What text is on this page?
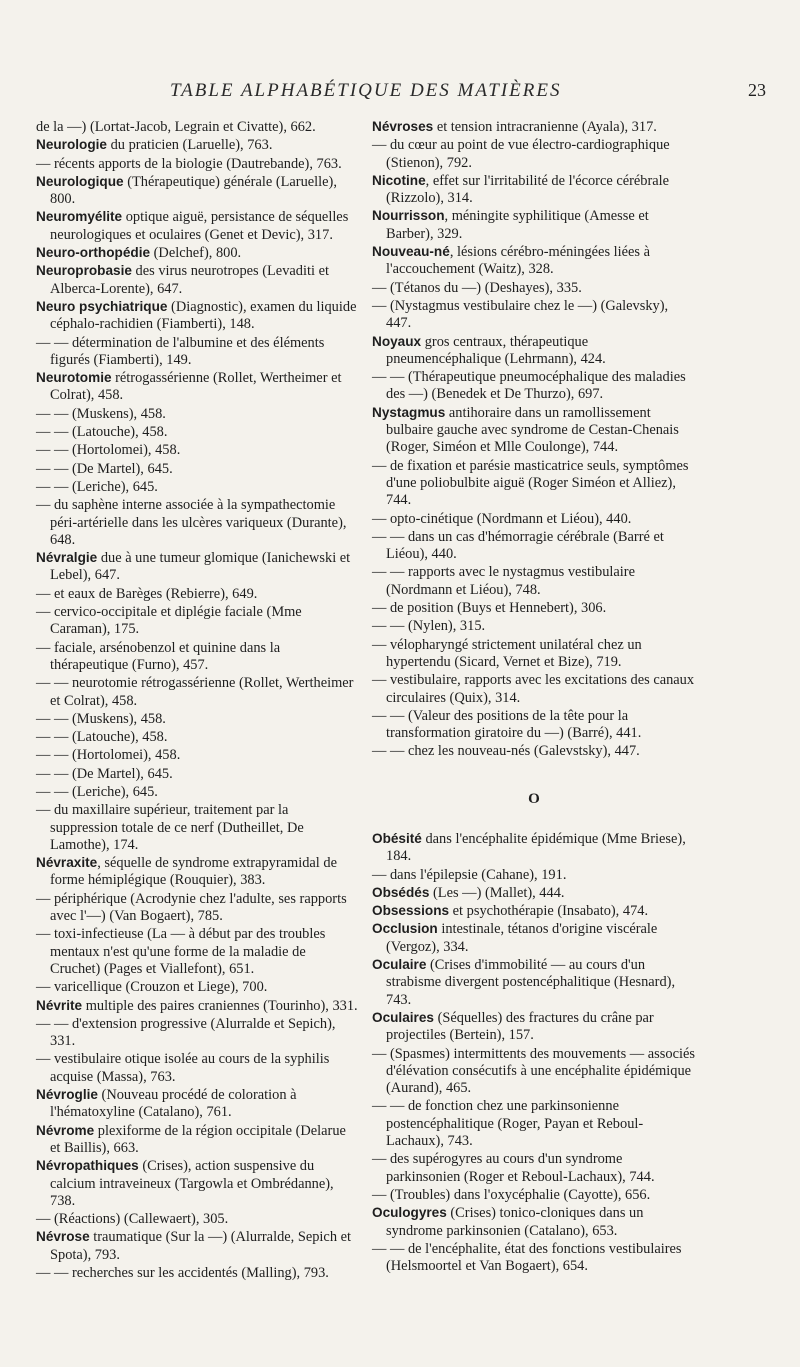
TABLE ALPHABÉTIQUE DES MATIÈRES	23

de la —) (Lortat-Jacob, Legrain et Civatte), 662.

Neurologie du praticien (Laruelle), 763.

— récents apports de la biologie (Dautrebande), 763.

Neurologique (Thérapeutique) générale (Laruelle), 800.

Neuromyélite optique aiguë, persistance de séquelles neurologiques et oculaires (Genet et Devic), 317.

Neuro-orthopédie (Delchef), 800.

Neuroprobasie des virus neurotropes (Levaditi et Alberca-Lorente), 647.

Neuro psychiatrique (Diagnostic), examen du liquide céphalo-rachidien (Fiamberti), 148.

— — détermination de l'albumine et des éléments figurés (Fiamberti), 149.

Neurotomie rétrogassérienne (Rollet, Wertheimer et Colrat), 458.

— — (Muskens), 458.

— — (Latouche), 458.

— — (Hortolomei), 458.

— — (De Martel), 645.

— — (Leriche), 645.

— du saphène interne associée à la sympathectomie péri-artérielle dans les ulcères variqueux (Durante), 648.

Névralgie due à une tumeur glomique (Ianichewski et Lebel), 647.

— et eaux de Barèges (Rebierre), 649.

— cervico-occipitale et diplégie faciale (Mme Caraman), 175.

— faciale, arsénobenzol et quinine dans la thérapeutique (Furno), 457.

— — neurotomie rétrogassérienne (Rollet, Wertheimer et Colrat), 458.

— — (Muskens), 458.

— — (Latouche), 458.

— — (Hortolomei), 458.

— — (De Martel), 645.

— — (Leriche), 645.

— du maxillaire supérieur, traitement par la suppression totale de ce nerf (Dutheillet, De Lamothe), 174.

Névraxite, séquelle de syndrome extrapyramidal de forme hémiplégique (Rouquier), 383.

— périphérique (Acrodynie chez l'adulte, ses rapports avec l'—) (Van Bogaert), 785.

— toxi-infectieuse (La — à début par des troubles mentaux n'est qu'une forme de la maladie de Cruchet) (Pages et Viallefont), 651.

— varicellique (Crouzon et Liege), 700.

Névrite multiple des paires craniennes (Tourinho), 331.

— — d'extension progressive (Alurralde et Sepich), 331.

— vestibulaire otique isolée au cours de la syphilis acquise (Massa), 763.

Névroglie (Nouveau procédé de coloration à l'hématoxyline (Catalano), 761.

Névrome plexiforme de la région occipitale (Delarue et Baillis), 663.

Névropathiques (Crises), action suspensive du calcium intraveineux (Targowla et Ombrédanne), 738.

— (Réactions) (Callewaert), 305.

Névrose traumatique (Sur la —) (Alurralde, Sepich et Spota), 793.

— — recherches sur les accidentés (Malling), 793.

Névroses et tension intracranienne (Ayala), 317.

— du cœur au point de vue électro-cardiographique (Stienon), 792.

Nicotine, effet sur l'irritabilité de l'écorce cérébrale (Rizzolo), 314.

Nourrisson, méningite syphilitique (Amesse et Barber), 329.

Nouveau-né, lésions cérébro-méningées liées à l'accouchement (Waitz), 328.

— (Tétanos du —) (Deshayes), 335.

— (Nystagmus vestibulaire chez le —) (Galevsky), 447.

Noyaux gros centraux, thérapeutique pneumencéphalique (Lehrmann), 424.

— — (Thérapeutique pneumocéphalique des maladies des —) (Benedek et De Thurzo), 697.

Nystagmus antihoraire dans un ramollissement bulbaire gauche avec syndrome de Cestan-Chenais (Roger, Siméon et Mlle Coulonge), 744.

— de fixation et parésie masticatrice seuls, symptômes d'une poliobulbite aiguë (Roger Siméon et Alliez), 744.

— opto-cinétique (Nordmann et Liéou), 440.

— — dans un cas d'hémorragie cérébrale (Barré et Liéou), 440.

— — rapports avec le nystagmus vestibulaire (Nordmann et Liéou), 748.

— de position (Buys et Hennebert), 306.

— — (Nylen), 315.

— vélopharyngé strictement unilatéral chez un hypertendu (Sicard, Vernet et Bize), 719.

— vestibulaire, rapports avec les excitations des canaux circulaires (Quix), 314.

— — (Valeur des positions de la tête pour la transformation giratoire du —) (Barré), 441.

— — chez les nouveau-nés (Galevstsky), 447.

O

Obésité dans l'encéphalite épidémique (Mme Briese), 184.

— dans l'épilepsie (Cahane), 191.

Obsédés (Les —) (Mallet), 444.

Obsessions et psychothérapie (Insabato), 474.

Occlusion intestinale, tétanos d'origine viscérale (Vergoz), 334.

Oculaire (Crises d'immobilité — au cours d'un strabisme divergent postencéphalitique (Hesnard), 743.

Oculaires (Séquelles) des fractures du crâne par projectiles (Bertein), 157.

— (Spasmes) intermittents des mouvements — associés d'élévation consécutifs à une encéphalite épidémique (Aurand), 465.

— — de fonction chez une parkinsonienne postencéphalitique (Roger, Payan et Reboul-Lachaux), 743.

— des supérogyres au cours d'un syndrome parkinsonien (Roger et Reboul-Lachaux), 744.

— (Troubles) dans l'oxycéphalie (Cayotte), 656.

Oculogyres (Crises) tonico-cloniques dans un syndrome parkinsonien (Catalano), 653.

— — de l'encéphalite, état des fonctions vestibulaires (Helsmoortel et Van Bogaert), 654.
